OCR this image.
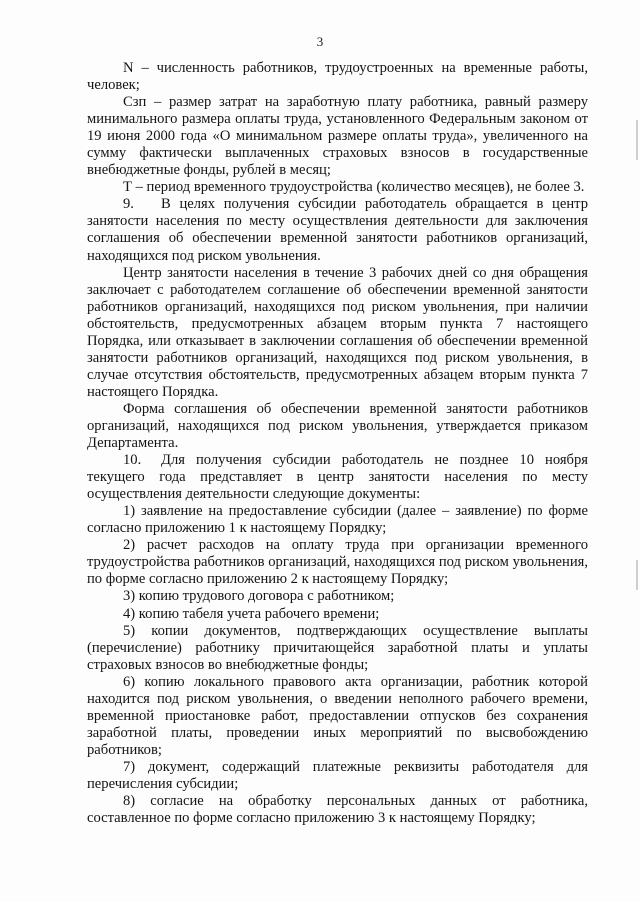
3

N – численность работников, трудоустроенных на временные работы, человек;

Сзп – размер затрат на заработную плату работника, равный размеру минимального размера оплаты труда, установленного Федеральным законом от 19 июня 2000 года «О минимальном размере оплаты труда», увеличенного на сумму фактически выплаченных страховых взносов в государственные внебюджетные фонды, рублей в месяц;

Т – период временного трудоустройства (количество месяцев), не более 3.

9. В целях получения субсидии работодатель обращается в центр занятости населения по месту осуществления деятельности для заключения соглашения об обеспечении временной занятости работников организаций, находящихся под риском увольнения.

Центр занятости населения в течение 3 рабочих дней со дня обращения заключает с работодателем соглашение об обеспечении временной занятости работников организаций, находящихся под риском увольнения, при наличии обстоятельств, предусмотренных абзацем вторым пункта 7 настоящего Порядка, или отказывает в заключении соглашения об обеспечении временной занятости работников организаций, находящихся под риском увольнения, в случае отсутствия обстоятельств, предусмотренных абзацем вторым пункта 7 настоящего Порядка.

Форма соглашения об обеспечении временной занятости работников организаций, находящихся под риском увольнения, утверждается приказом Департамента.

10. Для получения субсидии работодатель не позднее 10 ноября текущего года представляет в центр занятости населения по месту осуществления деятельности следующие документы:

1) заявление на предоставление субсидии (далее – заявление) по форме согласно приложению 1 к настоящему Порядку;

2) расчет расходов на оплату труда при организации временного трудоустройства работников организаций, находящихся под риском увольнения, по форме согласно приложению 2 к настоящему Порядку;

3) копию трудового договора с работником;

4) копию табеля учета рабочего времени;

5) копии документов, подтверждающих осуществление выплаты (перечисление) работнику причитающейся заработной платы и уплаты страховых взносов во внебюджетные фонды;

6) копию локального правового акта организации, работник которой находится под риском увольнения, о введении неполного рабочего времени, временной приостановке работ, предоставлении отпусков без сохранения заработной платы, проведении иных мероприятий по высвобождению работников;

7) документ, содержащий платежные реквизиты работодателя для перечисления субсидии;

8) согласие на обработку персональных данных от работника, составленное по форме согласно приложению 3 к настоящему Порядку;
